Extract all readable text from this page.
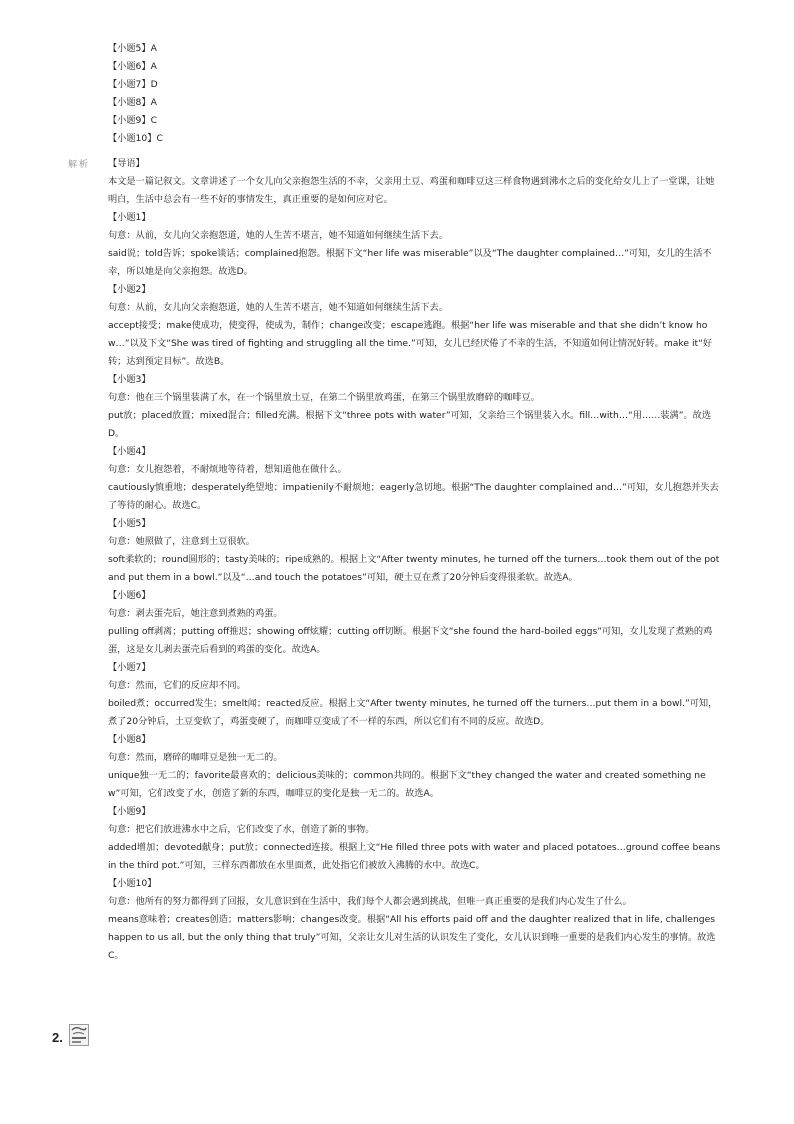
【小题5】A
【小题6】A
【小题7】D
【小题8】A
【小题9】C
【小题10】C
解析 【导语】

本文是一篇记叙文。文章讲述了一个女儿向父亲抱怨生活的不幸，父亲用土豆、鸡蛋和咖啡豆这三样食物遇到沸水之后的变化给女儿上了一堂课，让她明白，生活中总会有一些不好的事情发生，真正重要的是如何应对它。

【小题1】

句意：从前，女儿向父亲抱怨道，她的人生苦不堪言，她不知道如何继续生活下去。

said说；told告诉；spoke谈话；complained抱怨。根据下文“her life was miserable”以及“The daughter complained…”可知，女儿的生活不幸，所以她是向父亲抱怨。故选D。

【小题2】

句意：从前，女儿向父亲抱怨道，她的人生苦不堪言，她不知道如何继续生活下去。

accept接受；make使成功，使变得，使成为，制作；change改变；escape逃跑。根据“her life was miserable and that she didn’t know how…”以及下文“She was tired of fighting and struggling all the time.”可知，女儿已经厌倦了不幸的生活，不知道如何让情况好转。make it“好转；达到预定目标”。故选B。

【小题3】

句意：他在三个锅里装满了水，在一个锅里放土豆，在第二个锅里放鸡蛋，在第三个锅里放磨碎的咖啡豆。

put放；placed放置；mixed混合；filled充满。根据下文“three pots with water”可知，父亲给三个锅里装入水。fill…with…“用……装满”。故选D。

【小题4】

句意：女儿抱怨着，不耐烦地等待着，想知道他在做什么。

cautiously慎重地；desperately绝望地；impatienily不耐烦地；eagerly急切地。根据“The daughter complained and…”可知，女儿抱怨并失去了等待的耐心。故选C。

【小题5】

句意：她照做了，注意到土豆很软。

soft柔软的；round圆形的；tasty美味的；ripe成熟的。根据上文“After twenty minutes, he turned off the turners…took them out of the pot and put them in a bowl.”以及“…and touch the potatoes”可知，硬土豆在煮了20分钟后变得很柔软。故选A。

【小题6】

句意：剥去蛋壳后，她注意到煮熟的鸡蛋。

pulling off剥离；putting off推迟；showing off炫耀；cutting off切断。根据下文“she found the hard-boiled eggs”可知，女儿发现了煮熟的鸡蛋，这是女儿剥去蛋壳后看到的鸡蛋的变化。故选A。

【小题7】

句意：然而，它们的反应却不同。

boiled煮；occurred发生；smelt闻；reacted反应。根据上文“After twenty minutes, he turned off the turners…put them in a bowl.”可知，煮了20分钟后，土豆变软了，鸡蛋变硬了，而咖啡豆变成了不一样的东西，所以它们有不同的反应。故选D。

【小题8】

句意：然而，磨碎的咖啡豆是独一无二的。

unique独一无二的；favorite最喜欢的；delicious美味的；common共同的。根据下文“they changed the water and created something new”可知，它们改变了水，创造了新的东西，咖啡豆的变化是独一无二的。故选A。

【小题9】

句意：把它们放进沸水中之后，它们改变了水，创造了新的事物。

added增加；devoted献身；put放；connected连接。根据上文“He filled three pots with water and placed potatoes…ground coffee beans in the third pot.”可知，三样东西都放在水里面煮，此处指它们被放入沸腾的水中。故选C。

【小题10】

句意：他所有的努力都得到了回报，女儿意识到在生活中，我们每个人都会遇到挑战，但唯一真正重要的是我们内心发生了什么。

means意味着；creates创造；matters影响；changes改变。根据“All his efforts paid off and the daughter realized that in life, challenges happen to us all, but the only thing that truly”可知，父亲让女儿对生活的认识发生了变化，女儿认识到唯一重要的是我们内心发生的事情。故选C。

2.
